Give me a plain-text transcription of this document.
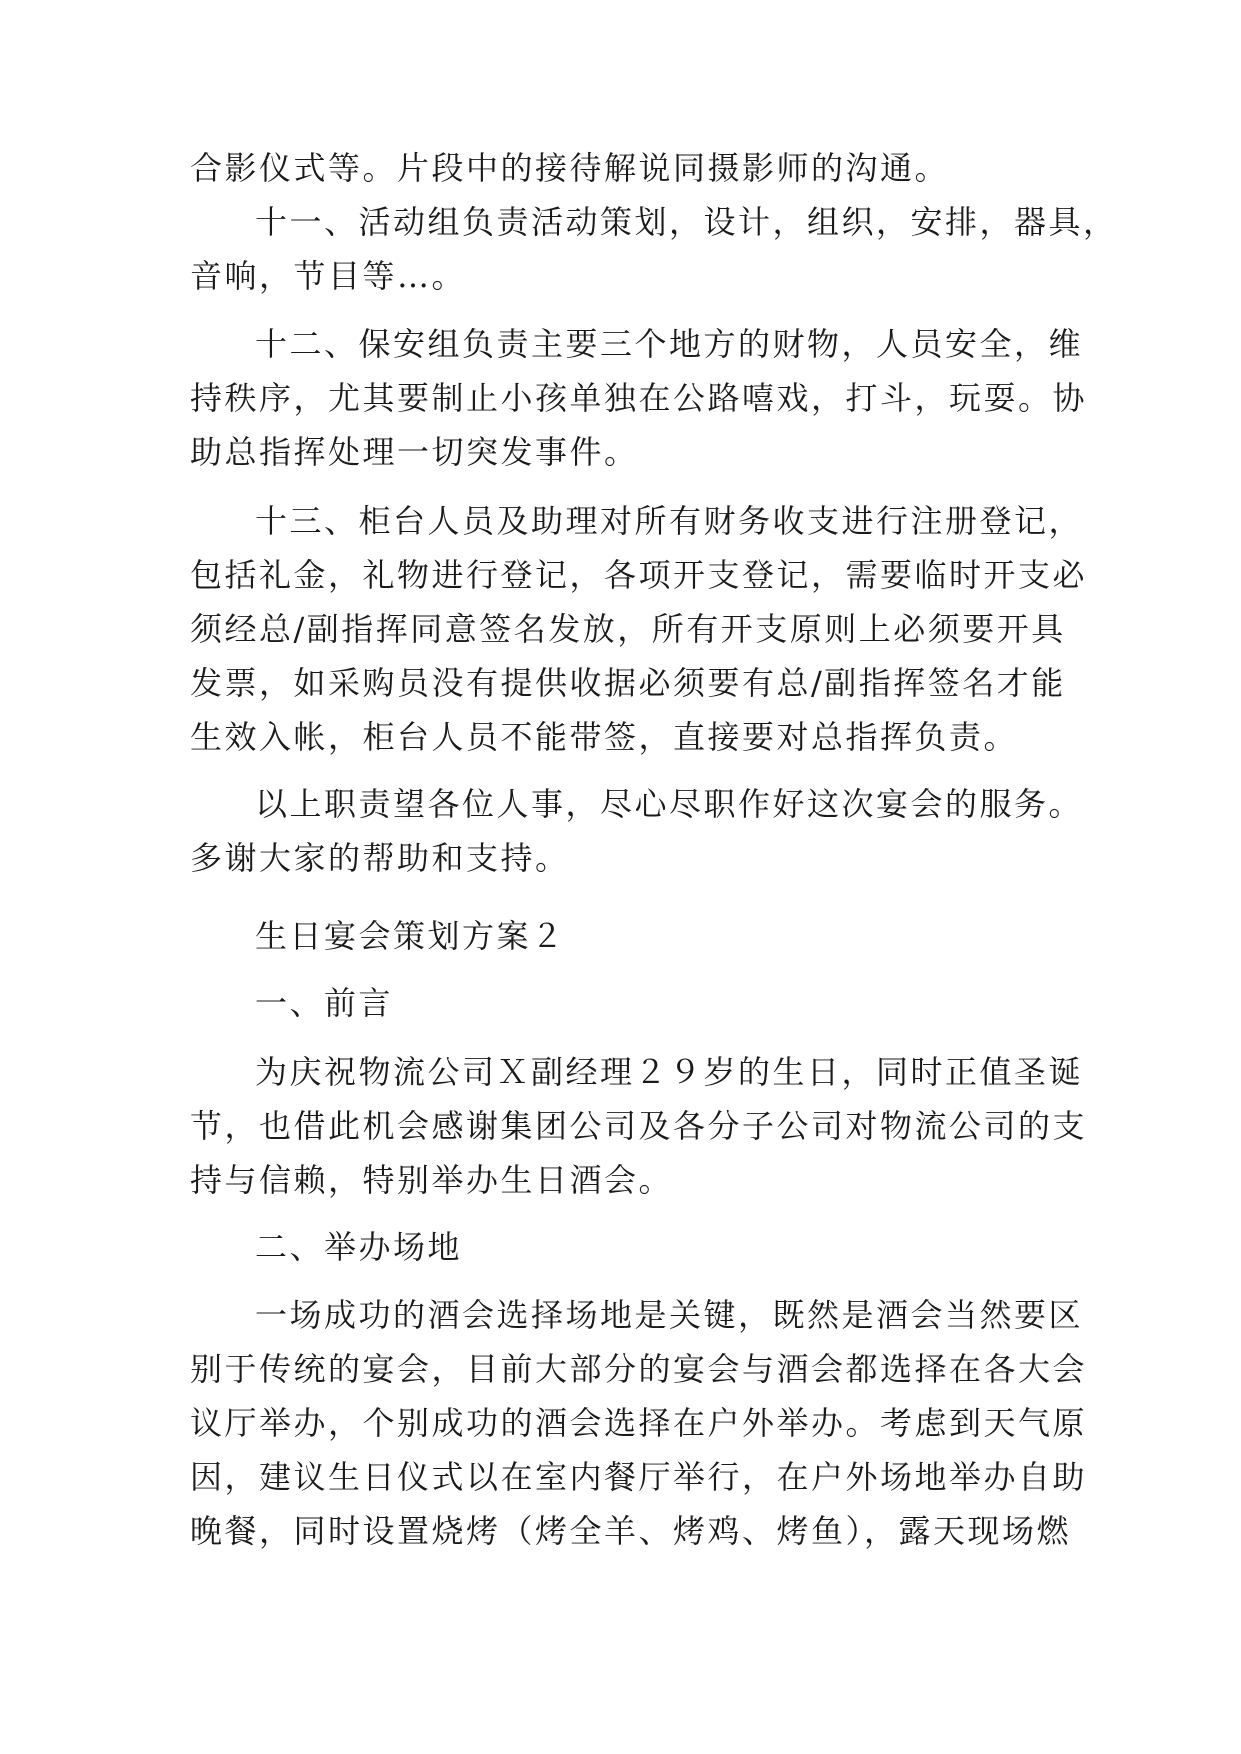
合影仪式等。片段中的接待解说同摄影师的沟通。
十一、活动组负责活动策划，设计，组织，安排，器具，
音响，节目等…。
十二、保安组负责主要三个地方的财物，人员安全，维
持秩序，尤其要制止小孩单独在公路嘻戏，打斗，玩耍。协
助总指挥处理一切突发事件。
十三、柜台人员及助理对所有财务收支进行注册登记，
包括礼金，礼物进行登记，各项开支登记，需要临时开支必
须经总/副指挥同意签名发放，所有开支原则上必须要开具
发票，如采购员没有提供收据必须要有总/副指挥签名才能
生效入帐，柜台人员不能带签，直接要对总指挥负责。
以上职责望各位人事，尽心尽职作好这次宴会的服务。
多谢大家的帮助和支持。
生日宴会策划方案２
一、前言
为庆祝物流公司Ｘ副经理２９岁的生日，同时正值圣诞
节，也借此机会感谢集团公司及各分子公司对物流公司的支
持与信赖，特别举办生日酒会。
二、举办场地
一场成功的酒会选择场地是关键，既然是酒会当然要区
别于传统的宴会，目前大部分的宴会与酒会都选择在各大会
议厅举办，个别成功的酒会选择在户外举办。考虑到天气原
因，建议生日仪式以在室内餐厅举行，在户外场地举办自助
晚餐，同时设置烧烤（烤全羊、烤鸡、烤鱼），露天现场燃
